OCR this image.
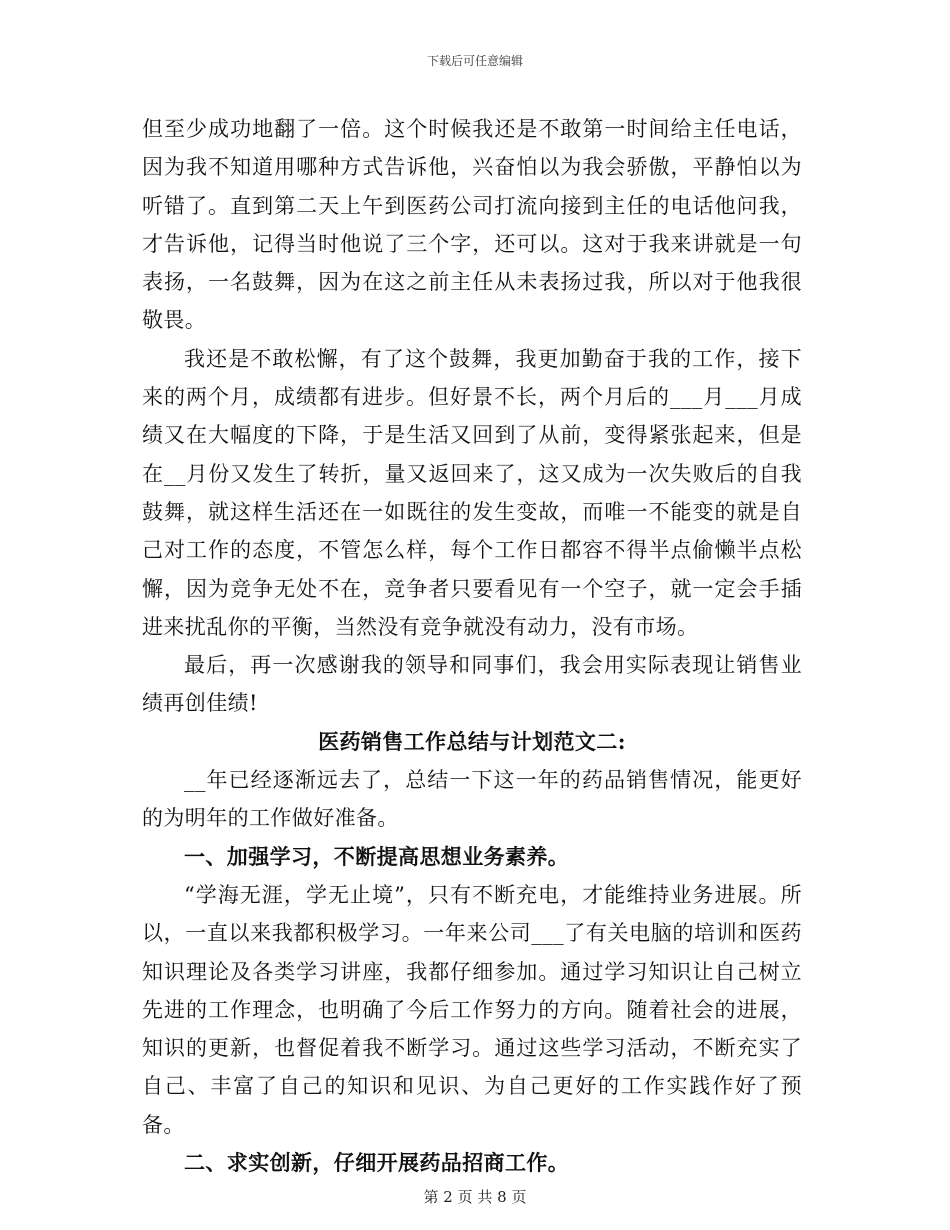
下载后可任意编辑

但至少成功地翻了一倍。这个时候我还是不敢第一时间给主任电话，因为我不知道用哪种方式告诉他，兴奋怕以为我会骄傲，平静怕以为听错了。直到第二天上午到医药公司打流向接到主任的电话他问我，才告诉他，记得当时他说了三个字，还可以。这对于我来讲就是一句表扬，一名鼓舞，因为在这之前主任从未表扬过我，所以对于他我很敬畏。

我还是不敢松懈，有了这个鼓舞，我更加勤奋于我的工作，接下来的两个月，成绩都有进步。但好景不长，两个月后的___月___月成绩又在大幅度的下降，于是生活又回到了从前，变得紧张起来，但是在__月份又发生了转折，量又返回来了，这又成为一次失败后的自我鼓舞，就这样生活还在一如既往的发生变故，而唯一不能变的就是自己对工作的态度，不管怎么样，每个工作日都容不得半点偷懒半点松懈，因为竞争无处不在，竞争者只要看见有一个空子，就一定会手插进来扰乱你的平衡，当然没有竞争就没有动力，没有市场。

最后，再一次感谢我的领导和同事们，我会用实际表现让销售业绩再创佳绩!

医药销售工作总结与计划范文二:

__年已经逐渐远去了，总结一下这一年的药品销售情况，能更好的为明年的工作做好准备。

一、加强学习，不断提高思想业务素养。

“学海无涯，学无止境”，只有不断充电，才能维持业务进展。所以，一直以来我都积极学习。一年来公司___了有关电脑的培训和医药知识理论及各类学习讲座，我都仔细参加。通过学习知识让自己树立先进的工作理念，也明确了今后工作努力的方向。随着社会的进展，知识的更新，也督促着我不断学习。通过这些学习活动，不断充实了自己、丰富了自己的知识和见识、为自己更好的工作实践作好了预备。

二、求实创新，仔细开展药品招商工作。

第 2 页 共 8 页
